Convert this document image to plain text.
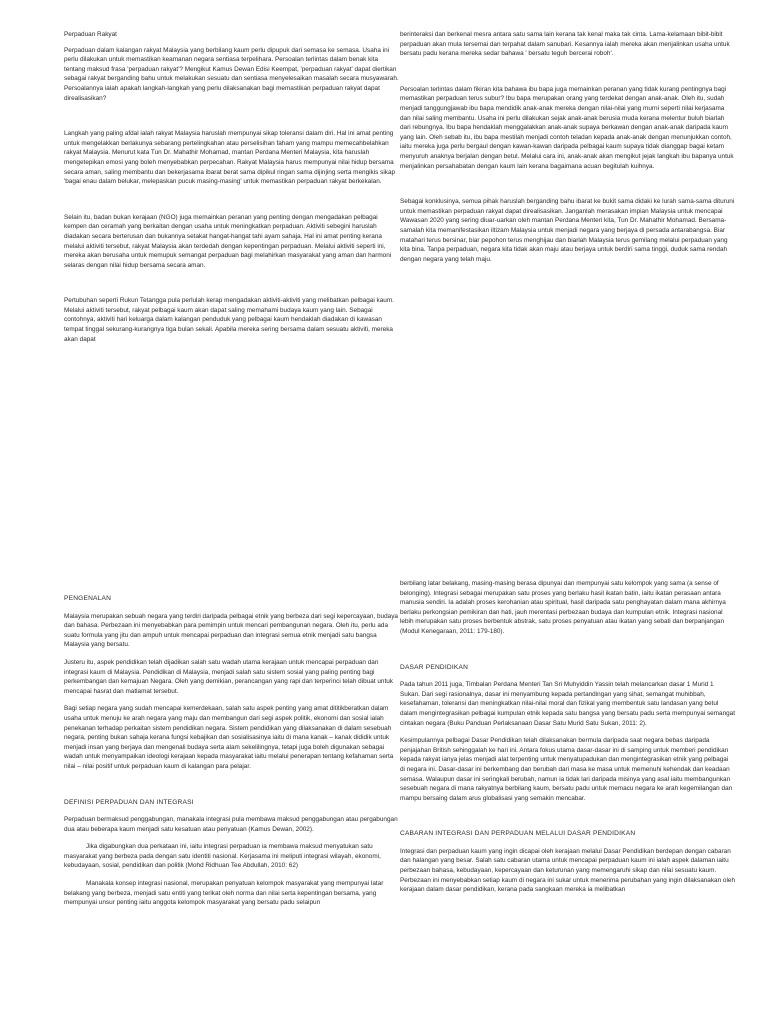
Perpaduan Rakyat

Perpaduan dalam kalangan rakyat Malaysia yang berbilang kaum perlu dipupuk dari semasa ke semasa. Usaha ini perlu dilakukan untuk memastikan keamanan negara sentiasa terpelihara. Persoalan terlintas dalam benak kita tentang maksud frasa 'perpaduan rakyat'? Mengikut Kamus Dewan Edisi Keempat, 'perpaduan rakyat' dapat diertikan sebagai rakyat berganding bahu untuk melakukan sesuatu dan sentiasa menyelesaikan masalah secara musyawarah. Persoalannya ialah apakah langkah-langkah yang perlu dilaksanakan bagi memastikan perpaduan rakyat dapat direalisasikan?

Langkah yang paling afdal ialah rakyat Malaysia haruslah mempunyai sikap toleransi dalam diri. Hal ini amat penting untuk mengelakkan berlakunya sebarang pertelingkahan atau perselisihan faham yang mampu memecahbelahkan rakyat Malaysia. Menurut kata Tun Dr. Mahathir Mohamad, mantan Perdana Menteri Malaysia, kita haruslah mengetepikan emosi yang boleh menyebabkan perpecahan. Rakyat Malaysia harus mempunyai nilai hidup bersama secara aman, saling membantu dan bekerjasama ibarat berat sama dipikul ringan sama dijinjing serta mengikis sikap 'bagai enau dalam belukar, melepaskan pucuk masing-masing' untuk memastikan perpaduan rakyat berkekalan.

Selain itu, badan bukan kerajaan (NGO) juga memainkan peranan yang penting dengan mengadakan pelbagai kempen dan ceramah yang berkaitan dengan usaha untuk meningkatkan perpaduan. Aktiviti sebegini haruslah diadakan secara berterusan dan bukannya setakat hangat-hangat tahi ayam sahaja. Hal ini amat penting kerana melalui aktiviti tersebut, rakyat Malaysia akan terdedah dengan kepentingan perpaduan. Melalui aktiviti seperti ini, mereka akan berusaha untuk memupuk semangat perpaduan bagi melahirkan masyarakat yang aman dan harmoni selaras dengan nilai hidup bersama secara aman.

Pertubuhan seperti Rukun Tetangga pula perlulah kerap mengadakan aktiviti-aktiviti yang melibatkan pelbagai kaum. Melalui aktiviti tersebut, rakyat pelbagai kaum akan dapat saling memahami budaya kaum yang lain. Sebagai contohnya, aktiviti hari keluarga dalam kalangan penduduk yang pelbagai kaum hendaklah diadakan di kawasan tempat tinggal sekurang-kurangnya tiga bulan sekali. Apabila mereka sering bersama dalam sesuatu aktiviti, mereka akan dapat

berinteraksi dan berkenal mesra antara satu sama lain kerana tak kenal maka tak cinta. Lama-kelamaan bibit-bibit perpaduan akan mula tersemai dan terpahat dalam sanubari. Kesannya ialah mereka akan menjalinkan usaha untuk bersatu padu kerana mereka sedar bahawa ' bersatu teguh bercerai roboh'.

Persoalan terlintas dalam fikiran kita bahawa ibu bapa juga memainkan peranan yang tidak kurang pentingnya bagi memastikan perpaduan terus subur? Ibu bapa merupakan orang yang terdekat dengan anak-anak. Oleh itu, sudah menjadi tanggungjawab ibu bapa mendidik anak-anak mereka dengan nilai-nilai yang murni seperti nilai kerjasama dan nilai saling membantu. Usaha ini perlu dilakukan sejak anak-anak berusia muda kerana melentur buluh biarlah dari rebungnya. Ibu bapa hendaklah menggalakkan anak-anak supaya berkawan dengan anak-anak daripada kaum yang lain. Oleh sebab itu, ibu bapa mestilah menjadi contoh teladan kepada anak-anak dengan menunjukkan contoh, iaitu mereka juga perlu bergaul dengan kawan-kawan daripada pelbagai kaum supaya tidak dianggap bagai ketam menyuruh anaknya berjalan dengan betul. Melalui cara ini, anak-anak akan mengikut jejak langkah ibu bapanya untuk menjalinkan persahabatan dengan kaum lain kerana bagaimana acuan begitulah kuihnya.

Sebagai konklusinya, semua pihak haruslah berganding bahu ibarat ke bukit sama didaki ke lurah sama-sama dituruni untuk memastikan perpaduan rakyat dapat direalisasikan. Janganlah merasakan impian Malaysia untuk mencapai Wawasan 2020 yang sering diuar-uarkan oleh mantan Perdana Menteri kita, Tun Dr. Mahathir Mohamad. Bersama-samalah kita memanifestasikan iltizam Malaysia untuk menjadi negara yang berjaya di persada antarabangsa. Biar matahari terus bersinar, biar pepohon terus menghijau dan biarlah Malaysia terus gemilang melalui perpaduan yang kita bina. Tanpa perpaduan, negara kita tidak akan maju atau berjaya untuk berdiri sama tinggi, duduk sama rendah dengan negara yang telah maju.

PENGENALAN

Malaysia merupakan sebuah negara yang terdiri daripada pelbagai etnik yang berbeza dari segi kepercayaan, budaya dan bahasa. Perbezaan ini menyebabkan para pemimpin untuk mencari pembangunan negara. Oleh itu, perlu ada suatu formula yang jitu dan ampuh untuk mencapai perpaduan dan integrasi semua etnik menjadi satu bangsa Malaysia yang bersatu.

Justeru itu, aspek pendidikan telah dijadikan salah satu wadah utama kerajaan untuk mencapai perpaduan dan integrasi kaum di Malaysia. Pendidikan di Malaysia, menjadi salah satu sistem sosial yang paling penting bagi perkembangan dan kemajuan Negara. Oleh yang demikian, perancangan yang rapi dan terperinci telah dibuat untuk mencapai hasrat dan matlamat tersebut.

Bagi setiap negara yang sudah mencapai kemerdekaan, salah satu aspek penting yang amat dititikberatkan dalam usaha untuk menuju ke arah negara yang maju dan membangun dari segi aspek politik, ekonomi dan sosial ialah penekanan terhadap perkaitan sistem pendidikan negara. Sistem pendidikan yang dilaksanakan di dalam sesebuah negara, penting bukan sahaja kerana fungsi kebajikan dan sosialisasinya iaitu di mana kanak – kanak dididik untuk menjadi insan yang berjaya dan mengenali budaya serta alam sekelilingnya, tetapi juga boleh digunakan sebagai wadah untuk menyampaikan ideologi kerajaan kepada masyarakat iaitu melalui penerapan tentang kefahaman serta nilai – nilai positif untuk perpaduan kaum di kalangan para pelajar.

DEFINISI PERPADUAN DAN INTEGRASI

Perpaduan bermaksud penggabungan, manakala integrasi pula membawa maksud penggabungan atau pergabungan dua atau beberapa kaum menjadi satu kesatuan atau penyatuan (Kamus Dewan, 2002).

Jika digabungkan dua perkataan ini, iaitu integrasi perpaduan ia membawa maksud menyatukan satu masyarakat yang berbeza pada dengan satu identiti nasional. Kerjasama ini meliputi integrasi wilayah, ekonomi, kebudayaan, sosial, pendidikan dan politik (Mohd Ridhuan Tee Abdullah, 2010: 62)

Manakala konsep integrasi nasional, merupakan penyatuan kelompok masyarakat yang mempunyai latar belakang yang berbeza, menjadi satu entiti yang terikat oleh norma dan nilai serta kepentingan bersama, yang mempunyai unsur penting iaitu anggota kelompok masyarakat yang bersatu padu selaipun

berbilang latar belakang, masing-masing berasa dipunyai dan mempunyai satu kelompok yang sama (a sense of belonging). Integrasi sebagai merupakan satu proses yang berlaku hasil ikatan batin, iaitu ikatan perasaan antara manusia sendiri. Ia adalah proses kerohanian atau spiritual, hasil daripada satu penghayatan dalam mana akhirnya berlaku perkongsian pemikiran dan hati, jauh merentasi perbezaan budaya dan kumpulan etnik. Integrasi nasional lebih merupakan satu proses berbentuk abstrak, satu proses penyatuan atau ikatan yang sebati dan berpanjangan (Modul Kenegaraan, 2011: 179-180).

DASAR PENDIDIKAN

Pada tahun 2011 juga, Timbalan Perdana Menteri Tan Sri Muhyiddin Yassin telah melancarkan dasar 1 Murid 1 Sukan. Dari segi rasionalnya, dasar ini menyambung kepada pertandingan yang sihat, semangat muhibbah, kesefahaman, toleransi dan meningkatkan nilai-nilai moral dan fizikal yang membentuk satu landasan yang betul dalam mengintegrasikan pelbagai kumpulan etnik kepada satu bangsa yang bersatu padu serta mempunyai semangat cintakan negara (Buku Panduan Perlaksanaan Dasar Satu Murid Satu Sukan, 2011: 2).

Kesimpulannya pelbagai Dasar Pendidikan telah dilaksanakan bermula daripada saat negara bebas daripada penjajahan British sehinggalah ke hari ini. Antara fokus utama dasar-dasar ini di samping untuk memberi pendidikan kepada rakyat ianya jelas menjadi alat terpenting untuk menyatupadukan dan mengintegrasikan etnik yang pelbagai di negara ini. Dasar-dasar ini berkembang dan berubah dari masa ke masa untuk memenuhi kehendak dan keadaan semasa. Walaupun dasar ini seringkali berubah, namun ia tidak lari daripada misinya yang asal iaitu membangunkan sesebuah negara di mana rakyatnya berbilang kaum, bersatu padu untuk memacu negara ke arah kegemilangan dan mampu bersaing dalam arus globalisasi yang semakin mencabar.

CABARAN INTEGRASI DAN PERPADUAN MELALUI DASAR PENDIDIKAN

Integrasi dan perpaduan kaum yang ingin dicapai oleh kerajaan melalui Dasar Pendidikan berdepan dengan cabaran dan halangan yang besar. Salah satu cabaran utama untuk mencapai perpaduan kaum ini ialah aspek dalaman iaitu perbezaan bahasa, kebudayaan, kepercayaan dan keturunan yang memengaruhi sikap dan nilai sesuatu kaum. Perbezaan ini menyebabkan setiap kaum di negara ini sukar untuk menerima perubahan yang ingin dilaksanakan oleh kerajaan dalam dasar pendidikan, kerana pada sangkaan mereka ia melibatkan
